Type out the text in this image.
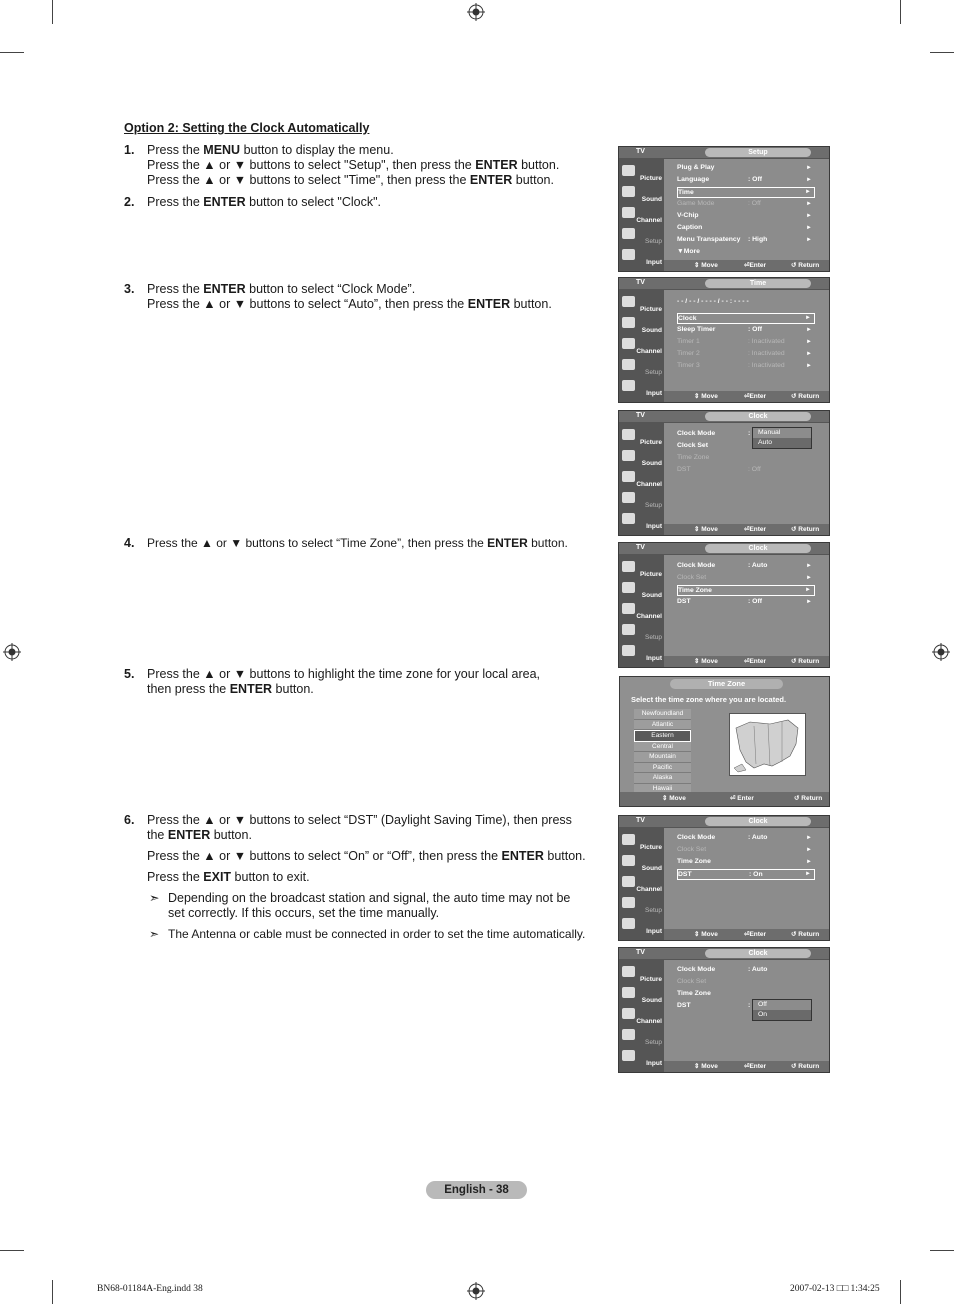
Option 2: Setting the Clock Automatically
1. Press the MENU button to display the menu.
Press the ▲ or ▼ buttons to select "Setup", then press the ENTER button.
Press the ▲ or ▼ buttons to select "Time", then press the ENTER button.
2. Press the ENTER button to select "Clock".
3. Press the ENTER button to select “Clock Mode”.
Press the ▲ or ▼ buttons to select “Auto”, then press the ENTER button.
4. Press the ▲ or ▼ buttons to select “Time Zone”, then press the ENTER button.
5. Press the ▲ or ▼ buttons to highlight the time zone for your local area,
then press the ENTER button.
6. Press the ▲ or ▼ buttons to select “DST” (Daylight Saving Time), then press
the ENTER button.
Press the ▲ or ▼ buttons to select “On” or “Off”, then press the ENTER button.
Press the EXIT button to exit.
➣ Depending on the broadcast station and signal, the auto time may not be set correctly. If this occurs, set the time manually.
➣ The Antenna or cable must be connected in order to set the time automatically.
TV	Setup
Picture
Sound
Channel
Setup
Input	⇕ Move	⏎Enter	↺ Return
Plug & Play	►
Language	: Off	►
Time	►
Game Mode	: Off	►
V-Chip	►
Caption	►
Menu Transpatency : High	►
▼More
TV	Time
Picture
Sound
Channel
Setup
Input	⇕ Move	⏎Enter	↺ Return
- - / - - / - - - - / - - : - - - -
Clock	►
Sleep Timer	: Off	►
Timer 1	: Inactivated	►
Timer 2	: Inactivated	►
Timer 3	: Inactivated	►
TV	Clock
Picture
Sound
Channel
Setup
Input	⇕ Move	⏎Enter	↺ Return
Clock Mode	:
Clock Set
Time Zone
DST	: Off
Manual
Auto
TV	Clock
Picture
Sound
Channel
Setup
Input	⇕ Move	⏎Enter	↺ Return
Clock Mode	: Auto	►
Clock Set	►
Time Zone	►
DST	: Off	►
TV	Clock
Picture
Sound
Channel
Setup
Input	⇕ Move	⏎Enter	↺ Return
Clock Mode	: Auto	►
Clock Set	►
Time Zone	►
DST	: On	►
TV	Clock
Picture
Sound
Channel
Setup
Input	⇕ Move	⏎Enter	↺ Return
Clock Mode	: Auto
Clock Set
Time Zone
DST	:	Off
On
Time Zone
Select the time zone where you are located.
Newfoundland
Atlantic
Eastern
Central
Mountain
Pacific
Alaska
Hawaii
⇕ Move	⏎ Enter	↺ Return
English - 38
BN68-01184A-Eng.indd 38	2007-02-13 □□ 1:34:25
